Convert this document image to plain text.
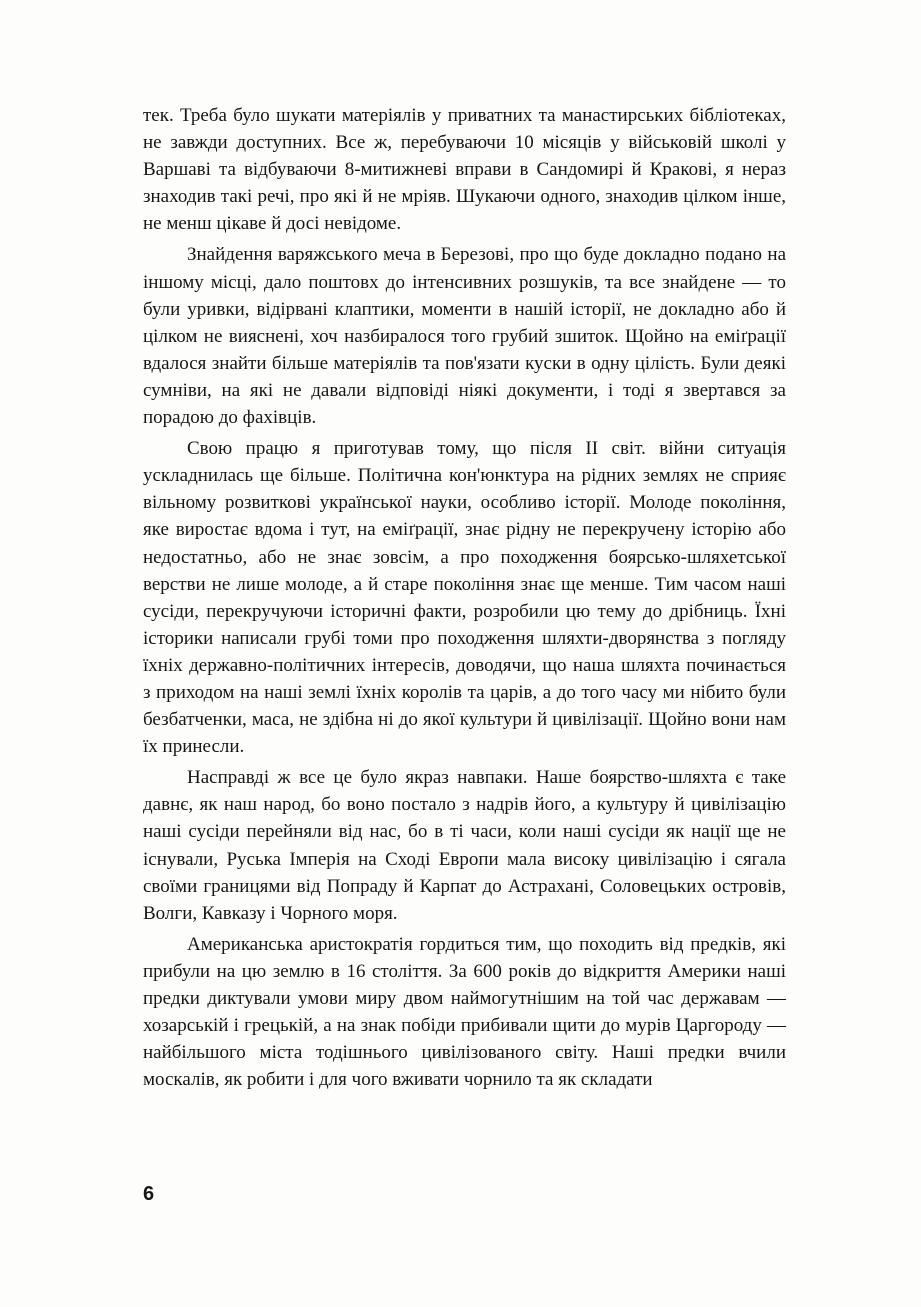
тек. Треба було шукати матеріялів у приватних та манастирських бібліотеках, не завжди доступних. Все ж, перебуваючи 10 місяців у військовій школі у Варшаві та відбуваючи 8-митижневі вправи в Сандомирі й Кракові, я нераз знаходив такі речі, про які й не мріяв. Шукаючи одного, знаходив цілком інше, не менш цікаве й досі невідоме.

Знайдення варяжського меча в Березові, про що буде докладно подано на іншому місці, дало поштовх до інтенсивних розшуків, та все знайдене — то були уривки, відірвані клаптики, моменти в нашій історії, не докладно або й цілком не вияснені, хоч назбиралося того грубий зшиток. Щойно на еміґрації вдалося знайти більше матеріялів та пов'язати куски в одну цілість. Були деякі сумніви, на які не давали відповіді ніякі документи, і тоді я звертався за порадою до фахівців.

Свою працю я приготував тому, що після II світ. війни ситуація ускладнилась ще більше. Політична кон'юнктура на рідних землях не сприяє вільному розвиткові української науки, особливо історії. Молоде покоління, яке виростає вдома і тут, на еміґрації, знає рідну не перекручену історію або недостатньо, або не знає зовсім, а про походження боярсько-шляхетської верстви не лише молоде, а й старе покоління знає ще менше. Тим часом наші сусіди, перекручуючи історичні факти, розробили цю тему до дрібниць. Їхні історики написали грубі томи про походження шляхти-дворянства з погляду їхніх державно-політичних інтересів, доводячи, що наша шляхта починається з приходом на наші землі їхніх королів та царів, а до того часу ми нібито були безбатченки, маса, не здібна ні до якої культури й цивілізації. Щойно вони нам їх принесли.

Насправді ж все це було якраз навпаки. Наше боярство-шляхта є таке давнє, як наш народ, бо воно постало з надрів його, а культуру й цивілізацію наші сусіди перейняли від нас, бо в ті часи, коли наші сусіди як нації ще не існували, Руська Імперія на Сході Европи мала високу цивілізацію і сягала своїми границями від Попраду й Карпат до Астрахані, Соловецьких островів, Волги, Кавказу і Чорного моря.

Американська аристократія гордиться тим, що походить від предків, які прибули на цю землю в 16 століття. За 600 років до відкриття Америки наші предки диктували умови миру двом наймогутнішим на той час державам — хозарській і грецькій, а на знак побіди прибивали щити до мурів Царгороду — найбільшого міста тодішнього цивілізованого світу. Наші предки вчили москалів, як робити і для чого вживати чорнило та як складати

6
